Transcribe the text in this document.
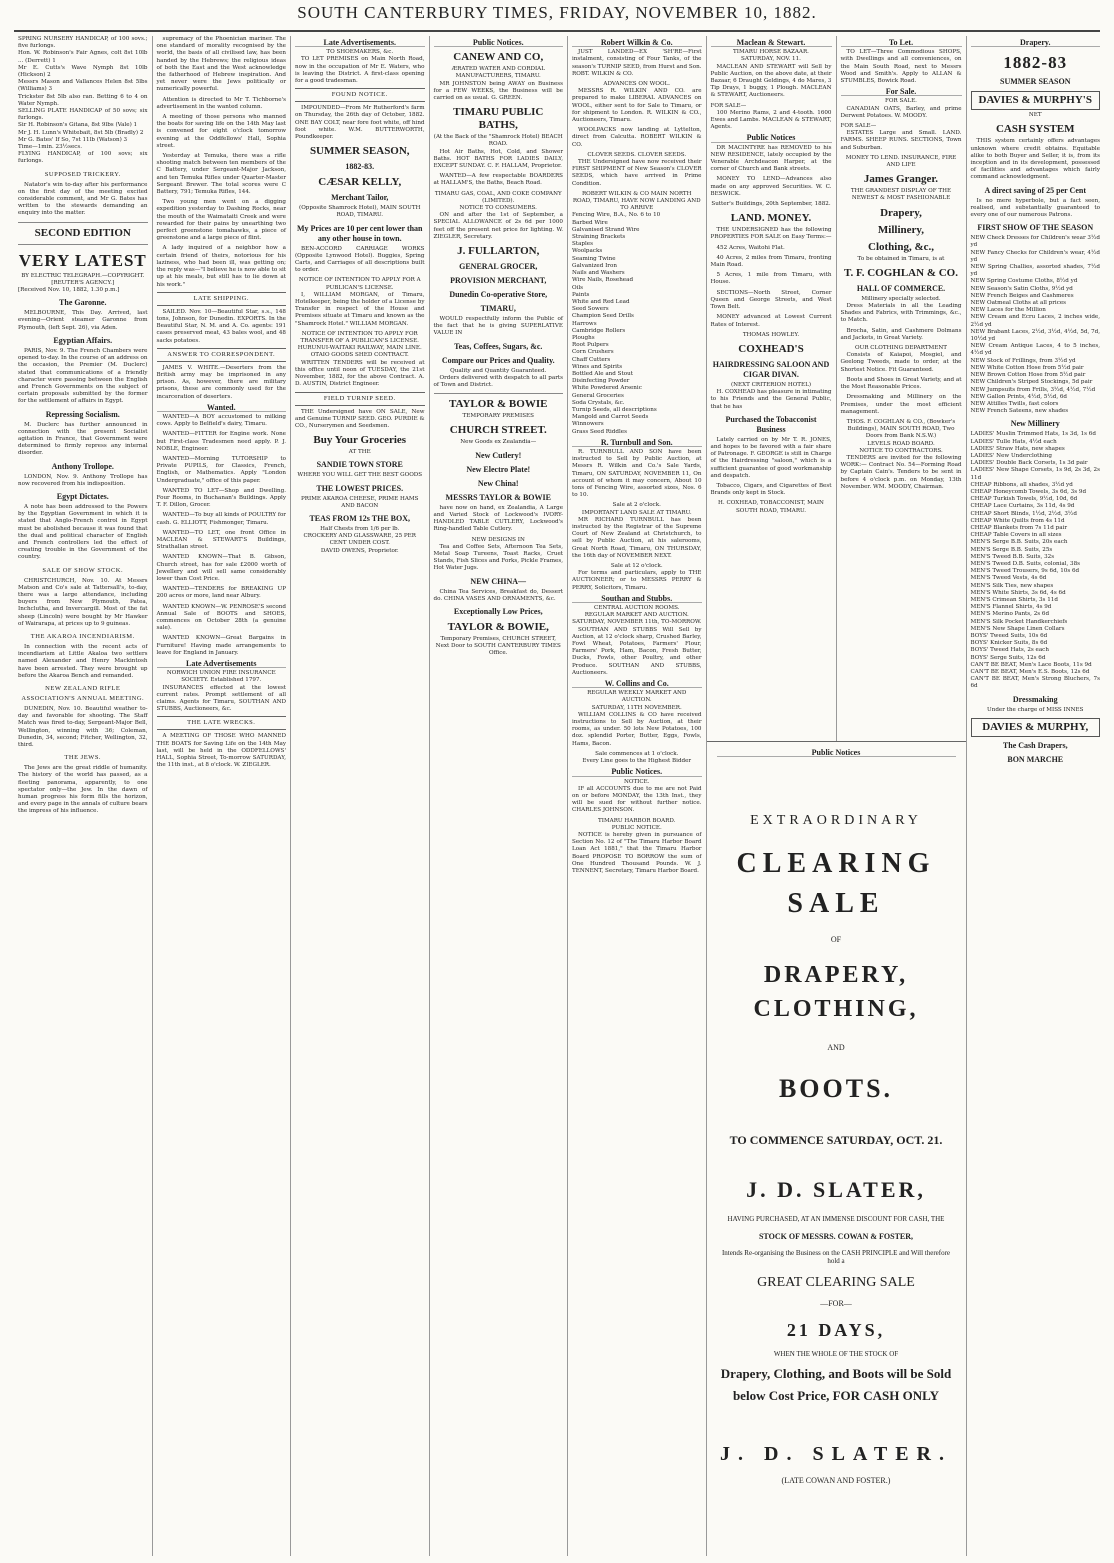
SOUTH CANTERBURY TIMES, FRIDAY, NOVEMBER 10, 1882.
SPRING NURSERY HANDICAP, of 100 sovs.; five furlongs.
Hon. W. Robinson's Fair Agnes, colt 8st 10lb ... (Derrett) 1
Mr E. Cutts's Wave Nymph 8st 10lb (Hickson) 2
Messrs Mason and Vallances Helen 8st 5lbs (Williams) 3
Trickster 8st 5lb also ran. Betting 6 to 4 on Water Nymph.
SELLING PLATE HANDICAP of 50 sovs; six furlongs.
Sir H. Robinson's Gitana, 8st 9lbs (Vale) 1
Mr J. H. Lunn's Whitebait, 8st 5lb (Bradly) 2
Mr G. Bates' If So, 7st 11lb (Watson) 3
Time—1min. 23½secs.
FLYING HANDICAP, of 100 sovs; six furlongs.
SUPPOSED TRICKERY.

Natator's win to-day after his performance on the first day of the meeting excited considerable comment, and Mr G. Bates has written to the stewards demanding an enquiry into the matter.

SECOND EDITION
VERY LATEST
BY ELECTRIC TELEGRAPH.—COPYRIGHT.
[REUTER'S AGENCY.]
[Received Nov. 10, 1882, 1.30 p.m.]
The Garonne.

MELBOURNE, This Day. Arrived, last evening—Orient steamer Garonne from Plymouth, (left Sept. 26), via Aden.

Egyptian Affairs.

PARIS, Nov. 9. The French Chambers were opened to-day. In the course of an address on the occasion, the Premier (M. Duclerc) stated that communications of a friendly character were passing between the English and French Governments on the subject of certain proposals submitted by the former for the settlement of affairs in Egypt.

Repressing Socialism.

M. Duclerc has further announced in connection with the present Socialist agitation in France, that Government were determined to firmly repress any internal disorder.

Anthony Trollope.

LONDON, Nov. 9. Anthony Trollope has now recovered from his indisposition.

Egypt Dictates.

A note has been addressed to the Powers by the Egyptian Government in which it is stated that Anglo-French control in Egypt must be abolished because it was found that the dual and political character of English and French controllers led the effect of creating trouble in the Government of the country.

SALE OF SHOW STOCK.

CHRISTCHURCH, Nov. 10. At Messrs Matson and Co's sale at Tattersall's, to-day, there was a large attendance, including buyers from New Plymouth, Patea, Inchclutha, and Invercargill. Most of the fat sheep (Lincoln) were bought by Mr Hawker of Wairarapa, at prices up to 9 guineas.

THE AKAROA INCENDIARISM.

In connection with the recent acts of incendiarism at Little Akaloa two settlers named Alexander and Henry Mackintosh have been arrested. They were brought up before the Akaroa Bench and remanded.

NEW ZEALAND RIFLE ASSOCIATION'S ANNUAL MEETING.

DUNEDIN, Nov. 10. Beautiful weather to-day and favorable for shooting. The Staff Match was fired to-day, Sergeant-Major Bell, Wellington, winning with 36; Coleman, Dunedin, 34, second; Fitcher, Wellington, 32, third.

THE JEWS.

The Jews are the great riddle of humanity. The history of the world has passed, as a fleeting panorama, apparently, to one spectator only—the Jew. In the dawn of human progress his form fills the horizon, and every page in the annals of culture bears the impress of his influence.

supremacy of the Phoenician mariner. The one standard of morality recognised by the world, the basis of all civilised law, has been handed by the Hebrews; the religious ideas of both the East and the West acknowledge the fatherhood of Hebrew inspiration. And yet never were the Jews politically or numerically powerful.

Attention is directed to Mr T. Tichborne's advertisement in the wanted column.

A meeting of those persons who manned the boats for saving life on the 14th May last is convened for eight o'clock tomorrow evening at the Oddfellows' Hall, Sophia street.

Yesterday at Temuka, there was a rifle shooting match between ten members of the C Battery, under Sergeant-Major Jackson, and ten Temuka Rifles under Quarter-Master Sergeant Brewer. The total scores were C Battery, 791; Temuka Rifles, 144.

Two young men went on a digging expedition yesterday to Dashing Rocks, near the mouth of the Waimataiti Creek and were rewarded for their pains by unearthing two perfect greenstone tomahawks, a piece of greenstone and a large piece of flint.

A lady inquired of a neighbor how a certain friend of theirs, notorious for his laziness, who had been ill, was getting on; the reply was—"I believe he is now able to sit up at his meals, but still has to lie down at his work."

LATE SHIPPING.

SAILED. Nov. 10—Beautiful Star, s.s., 148 tons, Johnson, for Dunedin. EXPORTS. In the Beautiful Star, N. M. and A. Co. agents: 191 cases preserved meat, 43 bales wool, and 48 sacks potatoes.

ANSWER TO CORRESPONDENT.

JAMES V. WHITE.—Deserters from the British army may be imprisoned in any prison. As, however, there are military prisons, these are commonly used for the incarceration of deserters.

Wanted.

WANTED—A BOY accustomed to milking cows. Apply to Belfield's dairy, Timaru.

WANTED—FITTER for Engine work. None but First-class Tradesmen need apply. P. J. NOBLE, Engineer.

WANTED—Morning TUTORSHIP to Private PUPILS, for Classics, French, English, or Mathematics. Apply "London Undergraduate," office of this paper.

WANTED TO LET—Shop and Dwelling. Four Rooms, in Buchanan's Buildings. Apply T. F. Dillon, Grocer.

WANTED—To buy all kinds of POULTRY for cash. G. ELLIOTT, Fishmonger, Timaru.

WANTED—TO LET, one front Office in MACLEAN & STEWART'S Buildings, Strathallan street.

WANTED KNOWN—That B. Gibson, Church street, has for sale £2000 worth of Jewellery and will sell same considerably lower than Cost Price.

WANTED—TENDERS for BREAKING UP 200 acres or more, land near Albury.

WANTED KNOWN—W. PENROSE'S second Annual Sale of BOOTS and SHOES, commences on October 28th (a genuine sale).

WANTED KNOWN—Great Bargains in Furniture! Having made arrangements to leave for England in January.

Late Advertisements
NORWICH UNION FIRE INSURANCE SOCIETY. Established 1797.

INSURANCES effected at the lowest current rates. Prompt settlement of all claims. Agents for Timaru, SOUTHAN AND STUBBS, Auctioneers, &c.

THE LATE WRECKS.

A MEETING OF THOSE WHO MANNED THE BOATS for Saving Life on the 14th May last, will be held in the ODDFELLOWS' HALL, Sophia Street, To-morrow SATURDAY, the 11th inst., at 8 o'clock. W. ZIEGLER.

Late Advertisements.
TO SHOEMAKERS, &c.

TO LET PREMISES on Main North Road, now in the occupation of Mr E. Waters, who is leaving the District. A first-class opening for a good tradesman.

FOUND NOTICE.

IMPOUNDED—From Mr Rutherford's farm on Thursday, the 26th day of October, 1882. ONE BAY COLT, near fore foot white, off hind foot white. W.M. BUTTERWORTH, Poundkeeper.

SUMMER SEASON,
1882-83.
CÆSAR KELLY,
Merchant Tailor,
(Opposite Shamrock Hotel), MAIN SOUTH ROAD, TIMARU.
My Prices are 10 per cent lower than any other house in town.

BEN-ACCORD CARRIAGE WORKS (Opposite Lynwood Hotel). Buggies, Spring Carts, and Carriages of all descriptions built to order.

NOTICE OF INTENTION TO APPLY FOR A PUBLICAN'S LICENSE.

I, WILLIAM MORGAN, of Timaru, Hotelkeeper, being the holder of a License by Transfer in respect of the House and Premises situate at Timaru and known as the "Shamrock Hotel." WILLIAM MORGAN.

NOTICE OF INTENTION TO APPLY FOR TRANSFER OF A PUBLICAN'S LICENSE.
HURUNUI-WAITAKI RAILWAY, MAIN LINE.
OTAIO GOODS SHED CONTRACT.

WRITTEN TENDERS will be received at this office until noon of TUESDAY, the 21st November, 1882, for the above Contract. A. D. AUSTIN, District Engineer.

FIELD TURNIP SEED.

THE Undersigned have ON SALE, New and Genuine TURNIP SEED. GEO. PURDIE & CO., Nurserymen and Seedsmen.

Buy Your Groceries
AT THE
SANDIE TOWN STORE
WHERE YOU WILL GET THE BEST GOODS
THE LOWEST PRICES.
PRIME AKAROA CHEESE, PRIME HAMS AND BACON
TEAS FROM 12s THE BOX,
Half Chests from 1/6 per lb.
CROCKERY AND GLASSWARE, 25 PER CENT UNDER COST.
DAVID OWENS, Proprietor.
Public Notices.
CANEW AND CO,
ÆRATED WATER AND CORDIAL MANUFACTURERS, TIMARU.

MR JOHNSTON being AWAY on Business for a FEW WEEKS, the Business will be carried on as usual. G. GREEN.

TIMARU PUBLIC BATHS,
(At the Back of the "Shamrock Hotel) BEACH ROAD.

Hot Air Baths, Hot, Cold, and Shower Baths. HOT BATHS FOR LADIES DAILY, EXCEPT SUNDAY. C. F. HALLAM, Proprietor.

WANTED—A few respectable BOARDERS at HALLAM'S, the Baths, Beach Road.

TIMARU GAS, COAL, AND COKE COMPANY (LIMITED).
NOTICE TO CONSUMERS.

ON and after the 1st of September, a SPECIAL ALLOWANCE of 2s 6d per 1000 feet off the present net price for lighting. W. ZIEGLER, Secretary.

J. FULLARTON,
GENERAL GROCER,
PROVISION MERCHANT,
Dunedin Co-operative Store,
TIMARU,

WOULD respectfully inform the Public of the fact that he is giving SUPERLATIVE VALUE IN

Teas, Coffees, Sugars, &c.
Compare our Prices and Quality.
Quality and Quantity Guaranteed.

Orders delivered with despatch to all parts of Town and District.

TAYLOR & BOWIE
TEMPORARY PREMISES
CHURCH STREET.
New Goods ex Zealandia—
New Cutlery!
New Electro Plate!
New China!
MESSRS TAYLOR & BOWIE

have now on hand, ex Zealandia, A Large and Varied Stock of Lockwood's IVORY-HANDLED TABLE CUTLERY, Lockwood's Ring-handled Table Cutlery.

NEW DESIGNS IN

Tea and Coffee Sets, Afternoon Tea Sets, Metal Soap Tureens, Toast Racks, Cruet Stands, Fish Slices and Forks, Pickle Frames, Hot Water Jugs.

NEW CHINA—

China Tea Services, Breakfast do, Dessert do. CHINA VASES AND ORNAMENTS, &c.

Exceptionally Low Prices,
TAYLOR & BOWIE,
Temporary Premises, CHURCH STREET, Next Door to SOUTH CANTERBURY TIMES Office.
Robert Wilkin & Co.

JUST LANDED—EX 'SH'RE—First instalment, consisting of Four Tanks, of the season's TURNIP SEED, from Hurst and Son. ROBT. WILKIN & CO.

ADVANCES ON WOOL.

MESSRS R. WILKIN AND CO. are prepared to make LIBERAL ADVANCES on WOOL, either sent to for Sale to Timaru, or for shipment to London. R. WILKIN & CO., Auctioneers, Timaru.

WOOLPACKS now landing at Lyttelton, direct from Calcutta. ROBERT WILKIN & CO.

CLOVER SEEDS. CLOVER SEEDS.

THE Undersigned have now received their FIRST SHIPMENT of New Season's CLOVER SEEDS, which have arrived in Prime Condition.

ROBERT WILKIN & CO MAIN NORTH ROAD, TIMARU, HAVE NOW LANDING AND TO ARRIVE
Fencing Wire, B.A., No. 6 to 10
Barbed Wire
Galvanised Strand Wire
Straining Brackets
Staples
Woolpacks
Seaming Twine
Galvanized Iron
Nails and Washers
Wire Nails, Rosehead
Oils
Paints
White and Red Lead
Seed Sowers
Champion Seed Drills
Harrows
Cambridge Rollers
Ploughs
Root Pulpers
Corn Crushers
Chaff Cutters
Wines and Spirits
Bottled Ale and Stout
Disinfecting Powder
White Powdered Arsenic
General Groceries
Soda Crystals, &c.
Turnip Seeds, all descriptions
Mangold and Carrot Seeds
Winnowers
Grass Seed Riddles
R. Turnbull and Son.

R. TURNBULL AND SON have been instructed to Sell by Public Auction, at Messrs R. Wilkin and Co.'s Sale Yards, Timaru, ON SATURDAY, NOVEMBER 11, On account of whom it may concern, About 10 tons of Fencing Wire, assorted sizes, Nos. 6 to 10.

Sale at 2 o'clock.
IMPORTANT LAND SALE AT TIMARU.

MR RICHARD TURNBULL has been instructed by the Registrar of the Supreme Court of New Zealand at Christchurch, to sell by Public Auction, at his salerooms, Great North Road, Timaru, ON THURSDAY, the 16th day of NOVEMBER NEXT.

Sale at 12 o'clock.

For terms and particulars, apply to THE AUCTIONEER; or to MESSRS PERRY & PERRY, Solicitors, Timaru.

Southan and Stubbs.
CENTRAL AUCTION ROOMS.
REGULAR MARKET AND AUCTION.
SATURDAY, NOVEMBER 11th, TO-MORROW.

SOUTHAN AND STUBBS Will Sell by Auction, at 12 o'clock sharp, Crushed Barley, Fowl Wheat, Potatoes, Farmers' Flour, Farmers' Pork, Ham, Bacon, Fresh Butter, Ducks, Fowls, other Poultry, and other Produce. SOUTHAN AND STUBBS, Auctioneers.

W. Collins and Co.
REGULAR WEEKLY MARKET AND AUCTION.
SATURDAY, 11TH NOVEMBER.

WILLIAM COLLINS & CO have received instructions to Sell by Auction, at their rooms, as under. 50 lots New Potatoes, 100 doz. splendid Porter, Butter, Eggs, Fowls, Hams, Bacon.

Sale commences at 1 o'clock.
Every Line goes to the Highest Bidder
Public Notices.
NOTICE.

IF all ACCOUNTS due to me are not Paid on or before MONDAY, the 13th Inst., they will be sued for without further notice. CHARLES JOHNSON.

TIMARU HARBOR BOARD.
PUBLIC NOTICE.

NOTICE is hereby given in pursuance of Section No. 12 of "The Timaru Harbor Board Loan Act 1881," that the Timaru Harbor Board PROPOSE TO BORROW the sum of One Hundred Thousand Pounds. W. J. TENNENT, Secretary, Timaru Harbor Board.

Maclean & Stewart.
TIMARU HORSE BAZAAR.
SATURDAY, NOV. 11.

MACLEAN AND STEWART will Sell by Public Auction, on the above date, at their Bazaar, 6 Draught Geldings, 4 do Mares, 3 Tip Drays, 1 buggy, 1 Plough. MACLEAN & STEWART, Auctioneers.

FOR SALE—

100 Merino Rams, 2 and 4-tooth. 1600 Ewes and Lambs. MACLEAN & STEWART, Agents.

Public Notices

DR MACINTYRE has REMOVED to his NEW RESIDENCE, lately occupied by the Venerable Archdeacon Harper, at the corner of Church and Bank streets.

MONEY TO LEND—Advances also made on any approved Securities. W. C. BESWICK.

Sutter's Buildings, 20th September, 1882.
LAND. MONEY.

THE UNDERSIGNED has the following PROPERTIES FOR SALE on Easy Terms:—

452 Acres, Waitohi Flat.

40 Acres, 2 miles from Timaru, fronting Main Road.

5 Acres, 1 mile from Timaru, with House.

SECTIONS—North Street, Corner Queen and George Streets, and West Town Belt.

MONEY advanced at Lowest Current Rates of Interest.

THOMAS HOWLEY.
COXHEAD'S
HAIRDRESSING SALOON AND CIGAR DIVAN.
(NEXT CRITERION HOTEL)

H. COXHEAD has pleasure in intimating to his Friends and the General Public, that he has

Purchased the Tobacconist Business

Lately carried on by Mr T. R. JONES, and hopes to be favored with a fair share of Patronage. F. GEORGE is still in Charge of the Hairdressing "saloon," which is a sufficient guarantee of good workmanship and despatch.

Tobacco, Cigars, and Cigarettes of Best Brands only kept in Stock.

H. COXHEAD, TOBACCONIST, MAIN SOUTH ROAD, TIMARU.
To Let.

TO LET—Three Commodious SHOPS, with Dwellings and all conveniences, on the Main South Road, next to Messrs Wood and Smith's. Apply to ALLAN & STUMBLES, Bowick Road.

For Sale.
FOR SALE.

CANADIAN OATS, Barley, and prime Derwent Potatoes. W. MOODY.

FOR SALE—

ESTATES Large and Small. LAND. FARMS. SHEEP RUNS. SECTIONS, Town and Suburban.

MONEY TO LEND. INSURANCE, FIRE AND LIFE
James Granger.
THE GRANDEST DISPLAY OF THE NEWEST & MOST FASHIONABLE
Drapery,
Millinery,
Clothing, &c.,
To be obtained in Timaru, is at
T. F. COGHLAN & CO.
HALL OF COMMERCE.
Millinery specially selected.

Dress Materials in all the Leading Shades and Fabrics, with Trimmings, &c., to Match.

Brocha, Satin, and Cashmere Dolmans and Jackets, in Great Variety.

OUR CLOTHING DEPARTMENT

Consists of Kaiapoi, Mosgiel, and Geelong Tweeds, made to order, at the Shortest Notice. Fit Guaranteed.

Boots and Shoes in Great Variety, and at the Most Reasonable Prices.

Dressmaking and Millinery on the Premises, under the most efficient management.

THOS. F. COGHLAN & CO., (Bowker's Buildings), MAIN SOUTH ROAD, Two Doors from Bank N.S.W.)
LEVELS ROAD BOARD.
NOTICE TO CONTRACTORS.

TENDERS are invited for the following WORK:— Contract No. 54—Forming Road by Captain Cain's. Tenders to be sent in before 4 o'clock p.m. on Monday, 13th November. WM. MOODY, Chairman.

Public Notices
EXTRAORDINARY
CLEARING SALE
OF
DRAPERY, CLOTHING,
AND
BOOTS.
TO COMMENCE SATURDAY, OCT. 21.
J. D. SLATER,
HAVING PURCHASED, AT AN IMMENSE DISCOUNT FOR CASH, THE
STOCK OF MESSRS. COWAN & FOSTER,
Intends Re-organising the Business on the CASH PRINCIPLE and Will therefore hold a
GREAT CLEARING SALE
—FOR—
21 DAYS,
WHEN THE WHOLE OF THE STOCK OF
Drapery, Clothing, and Boots will be Sold
below Cost Price, FOR CASH ONLY
J. D. SLATER.
(LATE COWAN AND FOSTER.)
Drapery.
1882-83
SUMMER SEASON
DAVIES & MURPHY'S
NET
CASH SYSTEM

THIS system certainly offers advantages unknown where credit obtains. Equitable alike to both Buyer and Seller, it is, from its inception and in its development, possessed of facilities and advantages which fairly command acknowledgment.

A direct saving of 25 per Cent

Is no mere hyperbole, but a fact seen, realised, and substantially guaranteed to every one of our numerous Patrons.

FIRST SHOW OF THE SEASON
NEW Check Dresses for Children's wear 3½d yd
NEW Fancy Checks for Children's wear, 4½d yd
NEW Spring Challies, assorted shades, 7½d yd
NEW Spring Costume Cloths, 8½d yd
NEW Season's Satin Cloths, 9½d yd
NEW French Beiges and Cashmeres
NEW Oatmeal Cloths at all prices
NEW Laces for the Million
NEW Cream and Ecru Laces, 2 inches wide, 2½d yd
NEW Brabant Laces, 2½d, 3½d, 4½d, 5d, 7d, 10½d yd
NEW Cream Antique Laces, 4 to 5 inches, 4½d yd
NEW Stock of Frillings, from 3½d yd
NEW White Cotton Hose from 5½d pair
NEW Brown Cotton Hose from 5½d pair
NEW Children's Striped Stockings, 5d pair
NEW Jumpsuits from Frills, 3½d, 4½d, 7½d
NEW Gallon Prints, 4½d, 5½d, 6d
NEW Attilles Twills, fast colors
NEW French Sateens, new shades
New Millinery
LADIES' Muslin Trimmed Hats, 1s 3d, 1s 6d
LADIES' Tulle Hats, 4½d each
LADIES' Straw Hats, new shapes
LADIES' New Underclothing
LADIES' Double Back Corsets, 1s 3d pair
LADIES' New Shape Corsets, 1s 9d, 2s 3d, 2s 11d
CHEAP Ribbons, all shades, 3½d yd
CHEAP Honeycomb Towels, 3s 6d, 3s 9d
CHEAP Turkish Towels, 9½d, 10d, 6d
CHEAP Lace Curtains, 3s 11d, 4s 9d
CHEAP Short Blinds, 1½d, 2½d, 3½d
CHEAP White Quilts from 4s 11d
CHEAP Blankets from 7s 11d pair
CHEAP Table Covers in all sizes
MEN'S Serge B.B. Suits, 20s each
MEN'S Serge B.B. Suits, 25s
MEN'S Tweed B.B. Suits, 32s
MEN'S Tweed D.B. Suits, colonial, 38s
MEN'S Tweed Trousers, 9s 6d, 10s 6d
MEN'S Tweed Vests, 4s 6d
MEN'S Silk Ties, new shapes
MEN'S White Shirts, 3s 6d, 4s 6d
MEN'S Crimean Shirts, 3s 11d
MEN'S Flannel Shirts, 4s 9d
MEN'S Merino Pants, 2s 6d
MEN'S Silk Pocket Handkerchiefs
MEN'S New Shape Linen Collars
BOYS' Tweed Suits, 10s 6d
BOYS' Knicker Suits, 8s 6d
BOYS' Tweed Hats, 2s each
BOYS' Serge Suits, 12s 6d
CAN'T BE BEAT, Men's Lace Boots, 11s 9d
CAN'T BE BEAT, Men's E.S. Boots, 12s 6d
CAN'T BE BEAT, Men's Strong Bluchers, 7s 6d
Dressmaking
Under the charge of MISS INNES
DAVIES & MURPHY,
The Cash Drapers,
BON MARCHE
